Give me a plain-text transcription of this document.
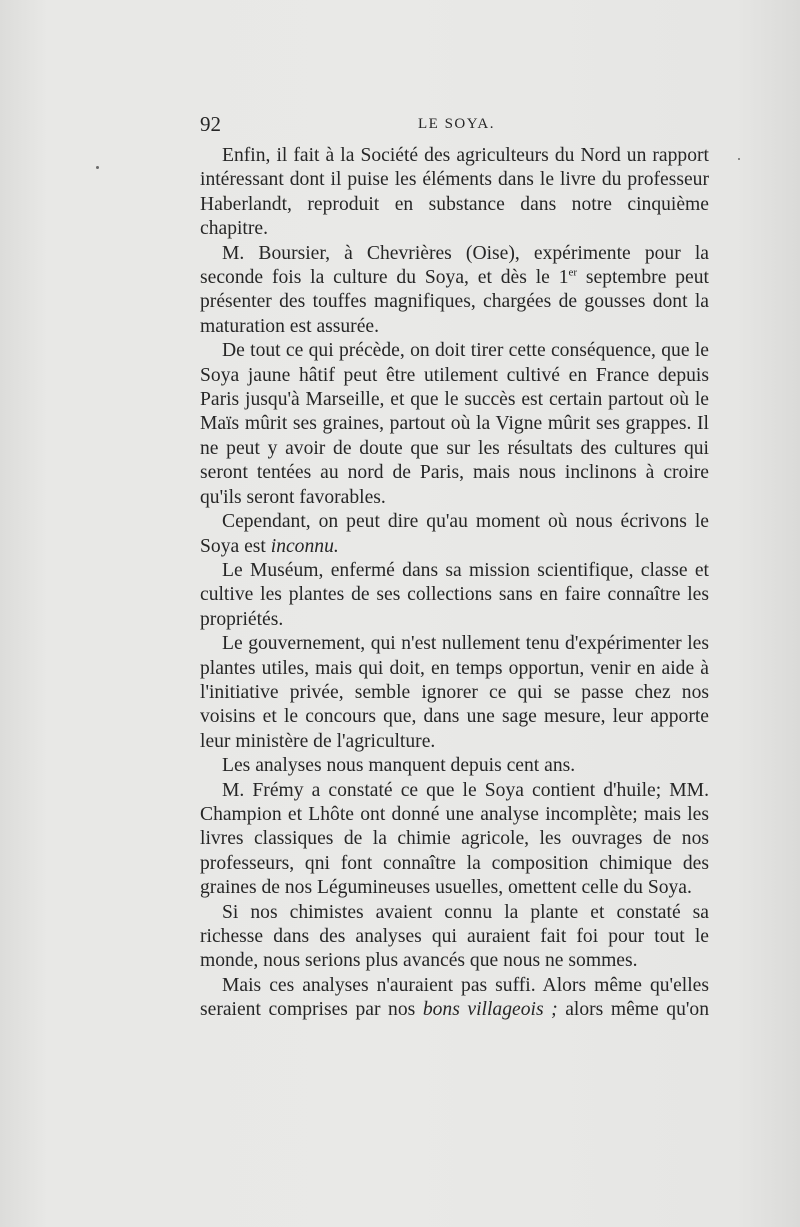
92	LE SOYA.

Enfin, il fait à la Société des agriculteurs du Nord un rapport intéressant dont il puise les éléments dans le livre du professeur Haberlandt, reproduit en substance dans notre cinquième chapitre.

M. Boursier, à Chevrières (Oise), expérimente pour la seconde fois la culture du Soya, et dès le 1er septembre peut présenter des touffes magnifiques, chargées de gousses dont la maturation est assurée.

De tout ce qui précède, on doit tirer cette conséquence, que le Soya jaune hâtif peut être utilement cultivé en France depuis Paris jusqu'à Marseille, et que le succès est certain partout où le Maïs mûrit ses graines, partout où la Vigne mûrit ses grappes. Il ne peut y avoir de doute que sur les résultats des cultures qui seront tentées au nord de Paris, mais nous inclinons à croire qu'ils seront favorables.

Cependant, on peut dire qu'au moment où nous écrivons le Soya est inconnu.

Le Muséum, enfermé dans sa mission scientifique, classe et cultive les plantes de ses collections sans en faire connaître les propriétés.

Le gouvernement, qui n'est nullement tenu d'expérimenter les plantes utiles, mais qui doit, en temps opportun, venir en aide à l'initiative privée, semble ignorer ce qui se passe chez nos voisins et le concours que, dans une sage mesure, leur apporte leur ministère de l'agriculture.

Les analyses nous manquent depuis cent ans.

M. Frémy a constaté ce que le Soya contient d'huile; MM. Champion et Lhôte ont donné une analyse incomplète; mais les livres classiques de la chimie agricole, les ouvrages de nos professeurs, qni font connaître la composition chimique des graines de nos Légumineuses usuelles, omettent celle du Soya.

Si nos chimistes avaient connu la plante et constaté sa richesse dans des analyses qui auraient fait foi pour tout le monde, nous serions plus avancés que nous ne sommes.

Mais ces analyses n'auraient pas suffi. Alors même qu'elles seraient comprises par nos bons villageois ; alors même qu'on
